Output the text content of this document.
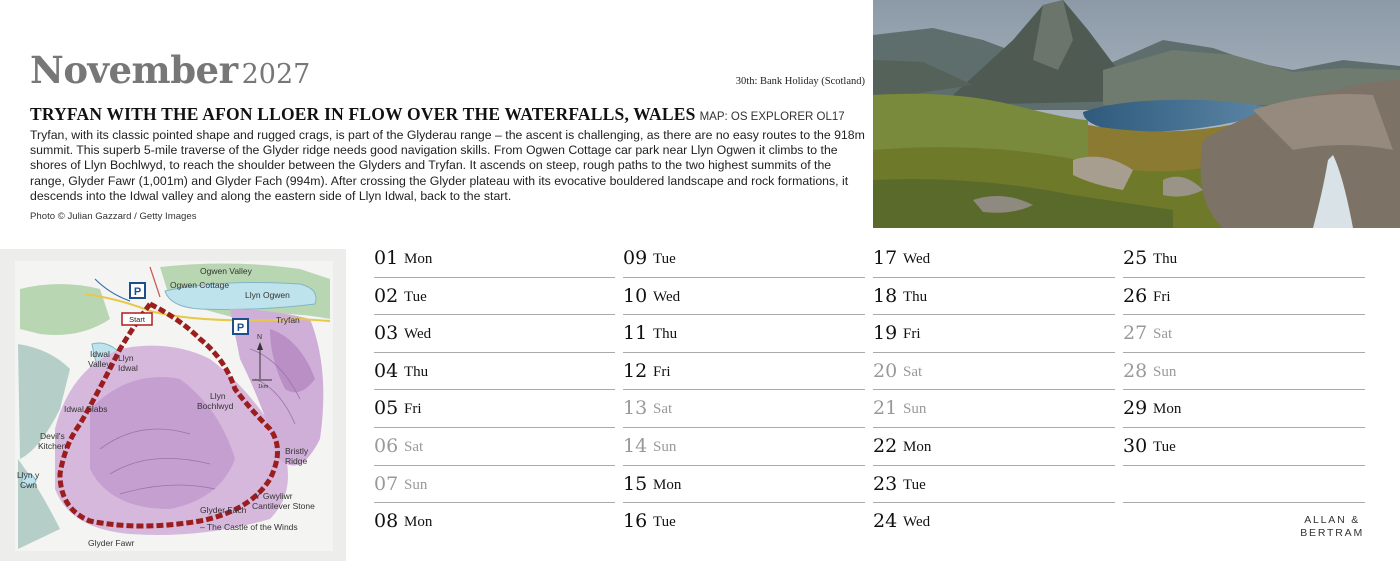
November 2027	30th: Bank Holiday (Scotland)
TRYFAN WITH THE AFON LLOER IN FLOW OVER THE WATERFALLS, WALES MAP: OS EXPLORER OL17

Tryfan, with its classic pointed shape and rugged crags, is part of the Glyderau range – the ascent is challenging, as there are no easy routes to the 918m summit. This superb 5-mile traverse of the Glyder ridge needs good navigation skills. From Ogwen Cottage car park near Llyn Ogwen it climbs to the shores of Llyn Bochlwyd, to reach the shoulder between the Glyders and Tryfan. It ascends on steep, rough paths to the two highest summits of the range, Glyder Fawr (1,001m) and Glyder Fach (994m). After crossing the Glyder plateau with its evocative bouldered landscape and rock formations, it descends into the Idwal valley and along the eastern side of Llyn Idwal, back to the start.

Photo © Julian Gazzard / Getty Images
P
P
Start
N
1km
Ogwen Valley
Ogwen Cottage
Llyn Ogwen
Tryfan
Idwal
Valley
Llyn
Idwal
Llyn
Bochlwyd
Idwal Slabs
Devil's
Kitchen	Bristly
Ridge
Llyn y
Cwn
Y Gwyliwr
Cantilever Stone
Glyder Fach
– The Castle of the Winds
Glyder Fawr
01 Mon
02 Tue
03 Wed
04 Thu
05 Fri
06 Sat
07 Sun
08 Mon
09 Tue
10 Wed
11 Thu
12 Fri
13 Sat
14 Sun
15 Mon
16 Tue
17 Wed
18 Thu
19 Fri
20 Sat
21 Sun
22 Mon
23 Tue
24 Wed
25 Thu
26 Fri
27 Sat
28 Sun
29 Mon
30 Tue
ALLAN &
BERTRAM
